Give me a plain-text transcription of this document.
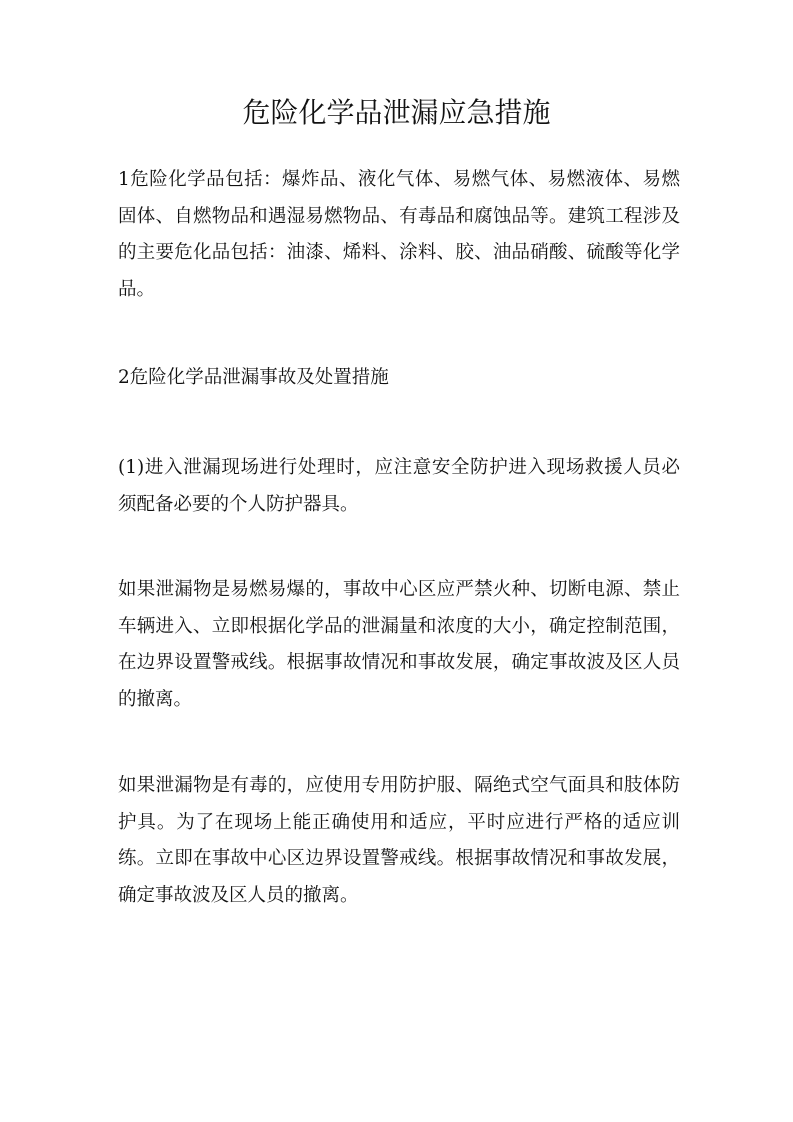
危险化学品泄漏应急措施

1危险化学品包括：爆炸品、液化气体、易燃气体、易燃液体、易燃固体、自燃物品和遇湿易燃物品、有毒品和腐蚀品等。建筑工程涉及的主要危化品包括：油漆、烯料、涂料、胶、油品硝酸、硫酸等化学品。

2危险化学品泄漏事故及处置措施

(1)进入泄漏现场进行处理时，应注意安全防护进入现场救援人员必须配备必要的个人防护器具。

如果泄漏物是易燃易爆的，事故中心区应严禁火种、切断电源、禁止车辆进入、立即根据化学品的泄漏量和浓度的大小，确定控制范围，在边界设置警戒线。根据事故情况和事故发展，确定事故波及区人员的撤离。

如果泄漏物是有毒的，应使用专用防护服、隔绝式空气面具和肢体防护具。为了在现场上能正确使用和适应，平时应进行严格的适应训练。立即在事故中心区边界设置警戒线。根据事故情况和事故发展，确定事故波及区人员的撤离。
